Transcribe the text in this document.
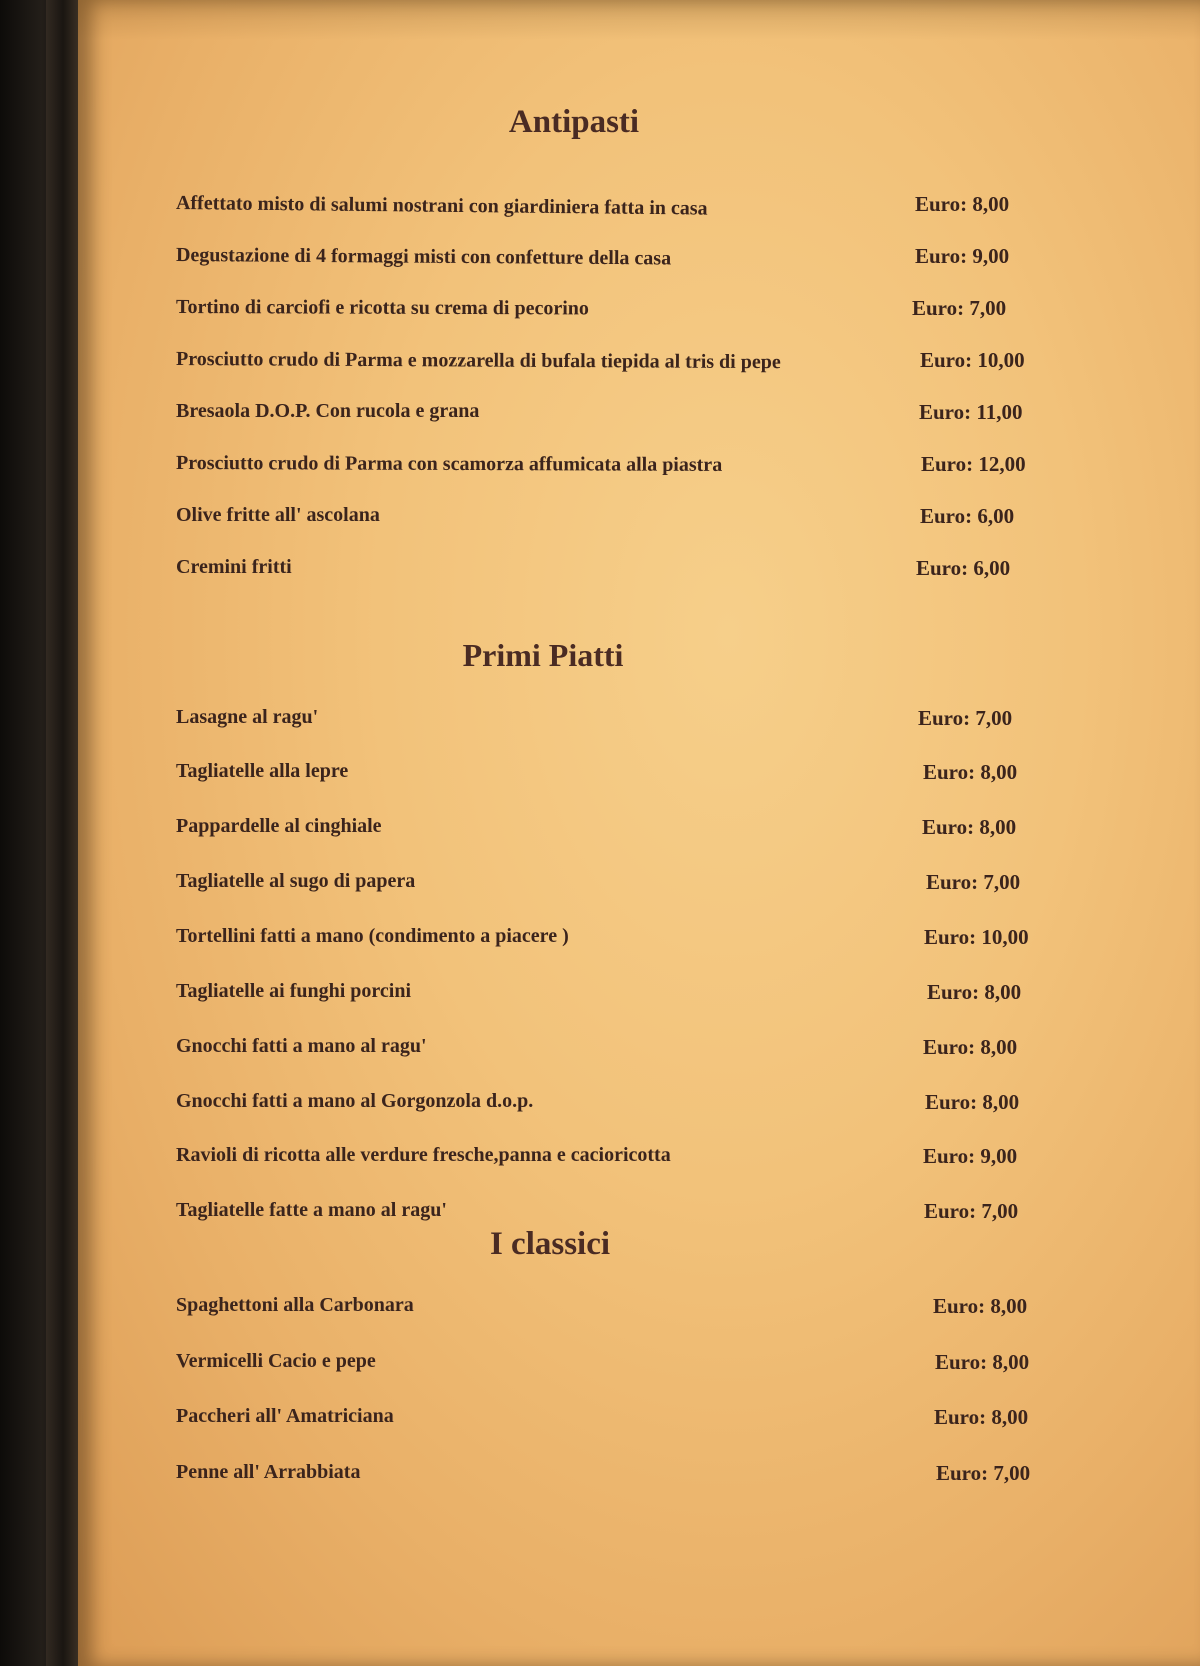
Antipasti
Affettato misto di salumi nostrani con giardiniera fatta in casa	Euro: 8,00
Degustazione di 4 formaggi misti con confetture della casa	Euro: 9,00
Tortino di carciofi e ricotta su crema di pecorino	Euro: 7,00
Prosciutto crudo di Parma e mozzarella di bufala tiepida al tris di pepe	Euro: 10,00
Bresaola D.O.P. Con rucola e grana	Euro: 11,00
Prosciutto crudo di Parma con scamorza affumicata alla piastra	Euro: 12,00
Olive fritte all' ascolana	Euro: 6,00
Cremini fritti	Euro: 6,00
Primi Piatti
Lasagne al ragu'	Euro: 7,00
Tagliatelle alla lepre	Euro: 8,00
Pappardelle al cinghiale	Euro: 8,00
Tagliatelle al sugo di papera	Euro: 7,00
Tortellini fatti a mano (condimento a piacere )	Euro: 10,00
Tagliatelle ai funghi porcini	Euro: 8,00
Gnocchi fatti a mano al ragu'	Euro: 8,00
Gnocchi fatti a mano al Gorgonzola d.o.p.	Euro: 8,00
Ravioli di ricotta alle verdure fresche,panna e cacioricotta	Euro: 9,00
Tagliatelle fatte a mano al ragu'	Euro: 7,00
I classici
Spaghettoni alla Carbonara	Euro: 8,00
Vermicelli Cacio e pepe	Euro: 8,00
Paccheri all' Amatriciana	Euro: 8,00
Penne all' Arrabbiata	Euro: 7,00
